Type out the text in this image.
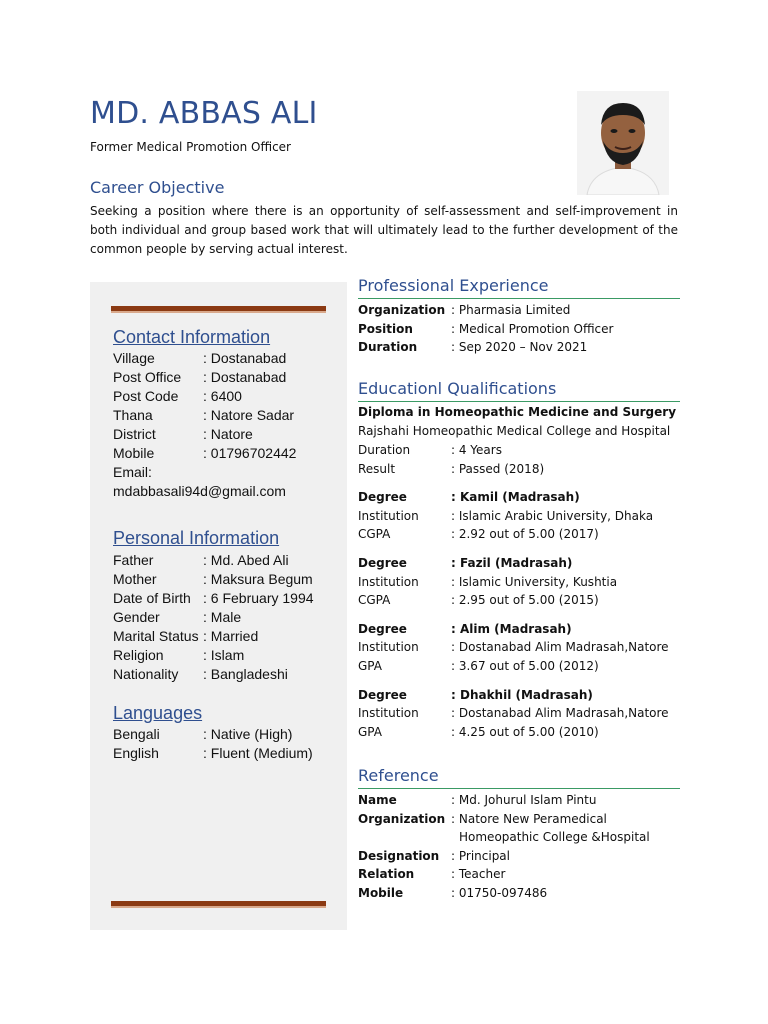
MD. ABBAS ALI
Former Medical Promotion Officer
Career Objective
Seeking a position where there is an opportunity of self-assessment and self-improvement in both individual and group based work that will ultimately lead to the further development of the common people by serving actual interest.
Contact Information
Village	: Dostanabad
Post Office	: Dostanabad
Post Code	: 6400
Thana	: Natore Sadar
District	: Natore
Mobile	: 01796702442
Email:
mdabbasali94d@gmail.com
Personal Information
Father	: Md. Abed Ali
Mother	: Maksura Begum
Date of Birth : 6 February 1994
Gender	: Male
Marital Status : Married
Religion	: Islam
Nationality	: Bangladeshi
Languages
Bengali	: Native (High)
English	: Fluent (Medium)
Professional Experience
Organization : Pharmasia Limited
Position	: Medical Promotion Officer
Duration	: Sep 2020 – Nov 2021
Educationl Qualifications
Diploma in Homeopathic Medicine and Surgery
Rajshahi Homeopathic Medical College and Hospital
Duration	: 4 Years
Result	: Passed (2018)
Degree	: Kamil (Madrasah)
Institution	: Islamic Arabic University, Dhaka
CGPA	: 2.92 out of 5.00 (2017)
Degree	: Fazil (Madrasah)
Institution	: Islamic University, Kushtia
CGPA	: 2.95 out of 5.00 (2015)
Degree	: Alim (Madrasah)
Institution	: Dostanabad Alim Madrasah,Natore
GPA	: 3.67 out of 5.00 (2012)
Degree	: Dhakhil (Madrasah)
Institution	: Dostanabad Alim Madrasah,Natore
GPA	: 4.25 out of 5.00 (2010)
Reference
Name	: Md. Johurul Islam Pintu
Organization : Natore New Peramedical
Homeopathic College &Hospital
Designation : Principal
Relation	: Teacher
Mobile	: 01750-097486
